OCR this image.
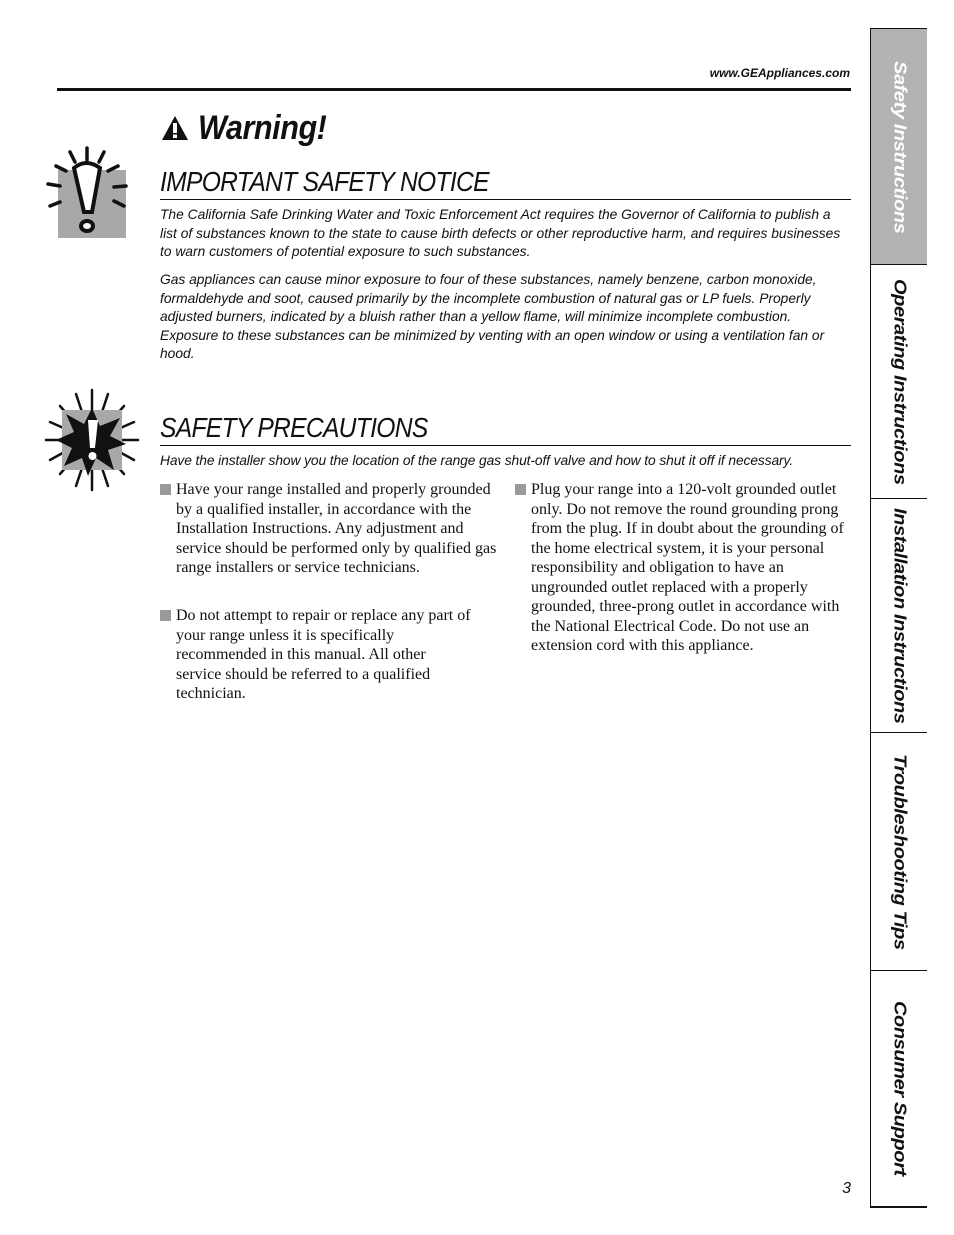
www.GEAppliances.com
Warning!
IMPORTANT SAFETY NOTICE

The California Safe Drinking Water and Toxic Enforcement Act requires the Governor of California to publish a list of substances known to the state to cause birth defects or other reproductive harm, and requires businesses to warn customers of potential exposure to such substances.

Gas appliances can cause minor exposure to four of these substances, namely benzene, carbon monoxide, formaldehyde and soot, caused primarily by the incomplete combustion of natural gas or LP fuels. Properly adjusted burners, indicated by a bluish rather than a yellow flame, will minimize incomplete combustion. Exposure to these substances can be minimized by venting with an open window or using a ventilation fan or hood.

SAFETY PRECAUTIONS
Have the installer show you the location of the range gas shut-off valve and how to shut it off if necessary.
Have your range installed and properly grounded by a qualified installer, in accordance with the Installation Instructions. Any adjustment and service should be performed only by qualified gas range installers or service technicians.
Do not attempt to repair or replace any part of your range unless it is specifically recommended in this manual. All other service should be referred to a qualified technician.
Plug your range into a 120-volt grounded outlet only. Do not remove the round grounding prong from the plug. If in doubt about the grounding of the home electrical system, it is your personal responsibility and obligation to have an ungrounded outlet replaced with a properly grounded, three-prong outlet in accordance with the National Electrical Code. Do not use an extension cord with this appliance.
Safety Instructions
Operating Instructions
Installation Instructions
Troubleshooting Tips
Consumer Support
3
